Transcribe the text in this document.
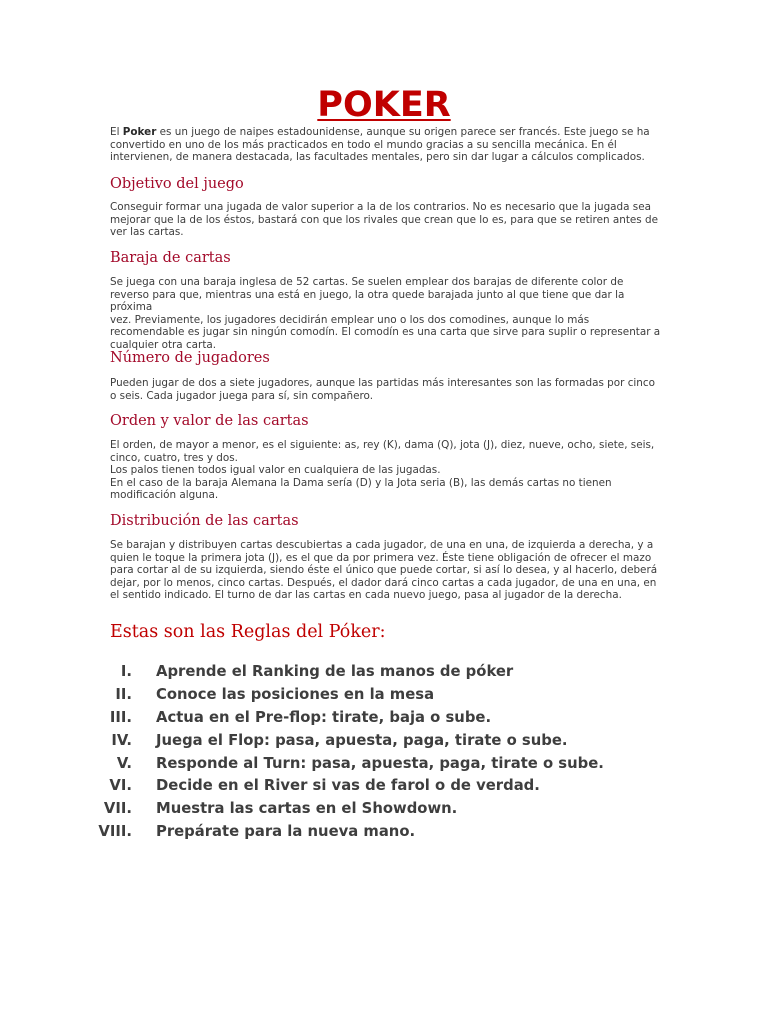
POKER
El Poker es un juego de naipes estadounidense, aunque su origen parece ser francés. Este juego se ha
convertido en uno de los más practicados en todo el mundo gracias a su sencilla mecánica. En él
intervienen, de manera destacada, las facultades mentales, pero sin dar lugar a cálculos complicados.
Objetivo del juego
Conseguir formar una jugada de valor superior a la de los contrarios. No es necesario que la jugada sea
mejorar que la de los éstos, bastará con que los rivales que crean que lo es, para que se retiren antes de
ver las cartas.
Baraja de cartas
Se juega con una baraja inglesa de 52 cartas. Se suelen emplear dos barajas de diferente color de
reverso para que, mientras una está en juego, la otra quede barajada junto al que tiene que dar la próxima
vez. Previamente, los jugadores decidirán emplear uno o los dos comodines, aunque lo más
recomendable es jugar sin ningún comodín. El comodín es una carta que sirve para suplir o representar a
cualquier otra carta.
Número de jugadores
Pueden jugar de dos a siete jugadores, aunque las partidas más interesantes son las formadas por cinco
o seis. Cada jugador juega para sí, sin compañero.
Orden y valor de las cartas
El orden, de mayor a menor, es el siguiente: as, rey (K), dama (Q), jota (J), diez, nueve, ocho, siete, seis,
cinco, cuatro, tres y dos.
Los palos tienen todos igual valor en cualquiera de las jugadas.
En el caso de la baraja Alemana la Dama sería (D) y la Jota seria (B), las demás cartas no tienen
modificación alguna.
Distribución de las cartas
Se barajan y distribuyen cartas descubiertas a cada jugador, de una en una, de izquierda a derecha, y a
quien le toque la primera jota (J), es el que da por primera vez. Éste tiene obligación de ofrecer el mazo
para cortar al de su izquierda, siendo éste el único que puede cortar, si así lo desea, y al hacerlo, deberá
dejar, por lo menos, cinco cartas. Después, el dador dará cinco cartas a cada jugador, de una en una, en
el sentido indicado. El turno de dar las cartas en cada nuevo juego, pasa al jugador de la derecha.
Estas son las Reglas del Póker:
I. Aprende el Ranking de las manos de póker
II. Conoce las posiciones en la mesa
III. Actua en el Pre-flop: tirate, baja o sube.
IV. Juega el Flop: pasa, apuesta, paga, tirate o sube.
V. Responde al Turn: pasa, apuesta, paga, tirate o sube.
VI. Decide en el River si vas de farol o de verdad.
VII. Muestra las cartas en el Showdown.
VIII. Prepárate para la nueva mano.
